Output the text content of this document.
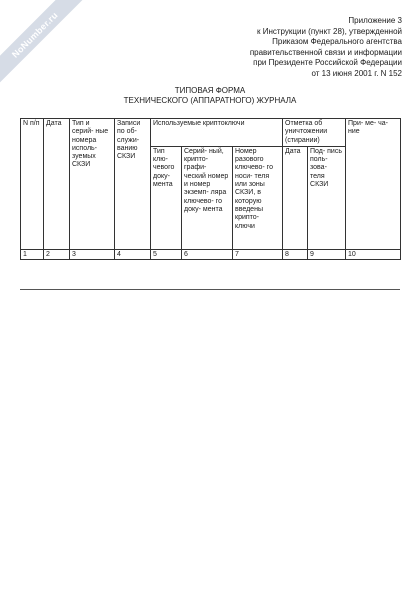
NoNumber.ru	Приложение 3
к Инструкции (пункт 28), утвержденной
Приказом Федерального агентства
правительственной связи и информации
при Президенте Российской Федерации
от 13 июня 2001 г. N 152
ТИПОВАЯ ФОРМА
ТЕХНИЧЕСКОГО (АППАРАТНОГО) ЖУРНАЛА
N п/п	Дата	Тип и серий- ные номера исполь- зуемых СКЗИ	Записи по об- служи- ванию СКЗИ	Используемые криптоключи			Отметка об уничтожении (стирании)		При- ме- ча- ние
				Тип клю- чевого доку- мента	Серий- ный, крипто- графи- ческий номер и номер экземп- ляра ключево- го доку- мента	Номер разового ключево- го носи- теля или зоны СКЗИ, в которую введены крипто- ключи	Дата	Под- пись поль- зова- теля СКЗИ	
1	2	3	4	5	6	7	8	9	10
